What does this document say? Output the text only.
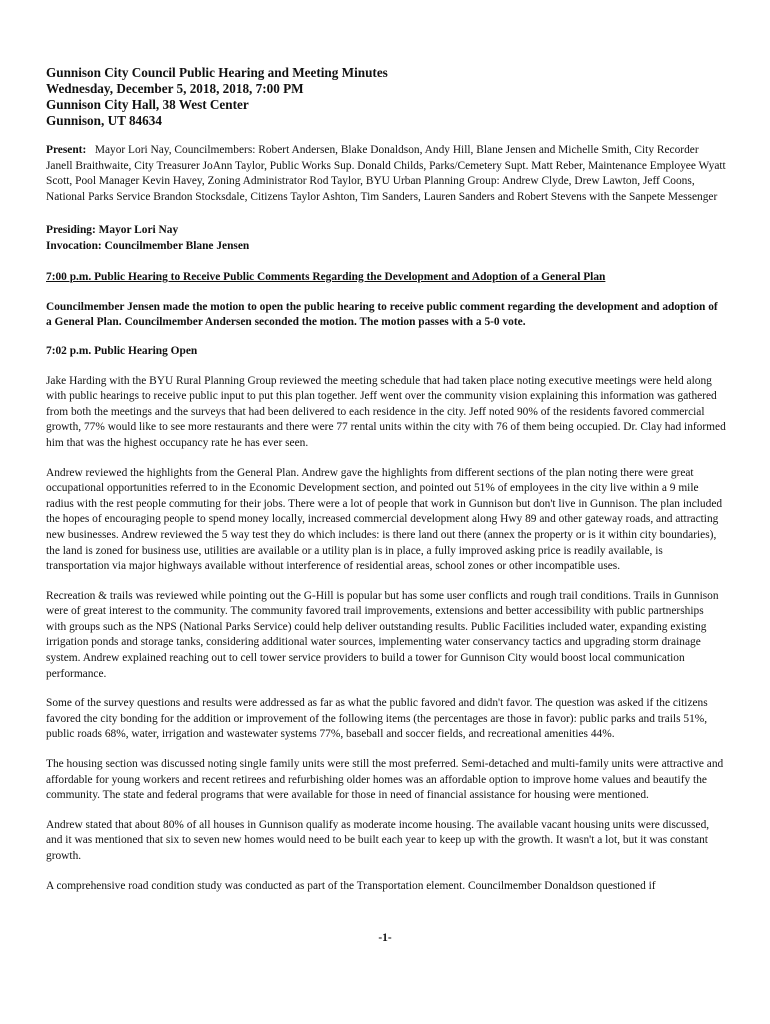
Gunnison City Council Public Hearing and Meeting Minutes

Wednesday, December 5, 2018, 2018, 7:00 PM

Gunnison City Hall, 38 West Center

Gunnison, UT 84634

Present: Mayor Lori Nay, Councilmembers: Robert Andersen, Blake Donaldson, Andy Hill, Blane Jensen and Michelle Smith, City Recorder Janell Braithwaite, City Treasurer JoAnn Taylor, Public Works Sup. Donald Childs, Parks/Cemetery Supt. Matt Reber, Maintenance Employee Wyatt Scott, Pool Manager Kevin Havey, Zoning Administrator Rod Taylor, BYU Urban Planning Group: Andrew Clyde, Drew Lawton, Jeff Coons, National Parks Service Brandon Stocksdale, Citizens Taylor Ashton, Tim Sanders, Lauren Sanders and Robert Stevens with the Sanpete Messenger

Presiding: Mayor Lori Nay

Invocation: Councilmember Blane Jensen

7:00 p.m. Public Hearing to Receive Public Comments Regarding the Development and Adoption of a General Plan

Councilmember Jensen made the motion to open the public hearing to receive public comment regarding the development and adoption of a General Plan. Councilmember Andersen seconded the motion. The motion passes with a 5-0 vote.

7:02 p.m. Public Hearing Open

Jake Harding with the BYU Rural Planning Group reviewed the meeting schedule that had taken place noting executive meetings were held along with public hearings to receive public input to put this plan together. Jeff went over the community vision explaining this information was gathered from both the meetings and the surveys that had been delivered to each residence in the city. Jeff noted 90% of the residents favored commercial growth, 77% would like to see more restaurants and there were 77 rental units within the city with 76 of them being occupied. Dr. Clay had informed him that was the highest occupancy rate he has ever seen.

Andrew reviewed the highlights from the General Plan. Andrew gave the highlights from different sections of the plan noting there were great occupational opportunities referred to in the Economic Development section, and pointed out 51% of employees in the city live within a 9 mile radius with the rest people commuting for their jobs. There were a lot of people that work in Gunnison but don't live in Gunnison. The plan included the hopes of encouraging people to spend money locally, increased commercial development along Hwy 89 and other gateway roads, and attracting new businesses. Andrew reviewed the 5 way test they do which includes: is there land out there (annex the property or is it within city boundaries), the land is zoned for business use, utilities are available or a utility plan is in place, a fully improved asking price is readily available, is transportation via major highways available without interference of residential areas, school zones or other incompatible uses.

Recreation & trails was reviewed while pointing out the G-Hill is popular but has some user conflicts and rough trail conditions. Trails in Gunnison were of great interest to the community. The community favored trail improvements, extensions and better accessibility with public partnerships with groups such as the NPS (National Parks Service) could help deliver outstanding results. Public Facilities included water, expanding existing irrigation ponds and storage tanks, considering additional water sources, implementing water conservancy tactics and upgrading storm drainage system. Andrew explained reaching out to cell tower service providers to build a tower for Gunnison City would boost local communication performance.

Some of the survey questions and results were addressed as far as what the public favored and didn't favor. The question was asked if the citizens favored the city bonding for the addition or improvement of the following items (the percentages are those in favor): public parks and trails 51%, public roads 68%, water, irrigation and wastewater systems 77%, baseball and soccer fields, and recreational amenities 44%.

The housing section was discussed noting single family units were still the most preferred. Semi-detached and multi-family units were attractive and affordable for young workers and recent retirees and refurbishing older homes was an affordable option to improve home values and beautify the community. The state and federal programs that were available for those in need of financial assistance for housing were mentioned.

Andrew stated that about 80% of all houses in Gunnison qualify as moderate income housing. The available vacant housing units were discussed, and it was mentioned that six to seven new homes would need to be built each year to keep up with the growth. It wasn't a lot, but it was constant growth.

A comprehensive road condition study was conducted as part of the Transportation element. Councilmember Donaldson questioned if

-1-
